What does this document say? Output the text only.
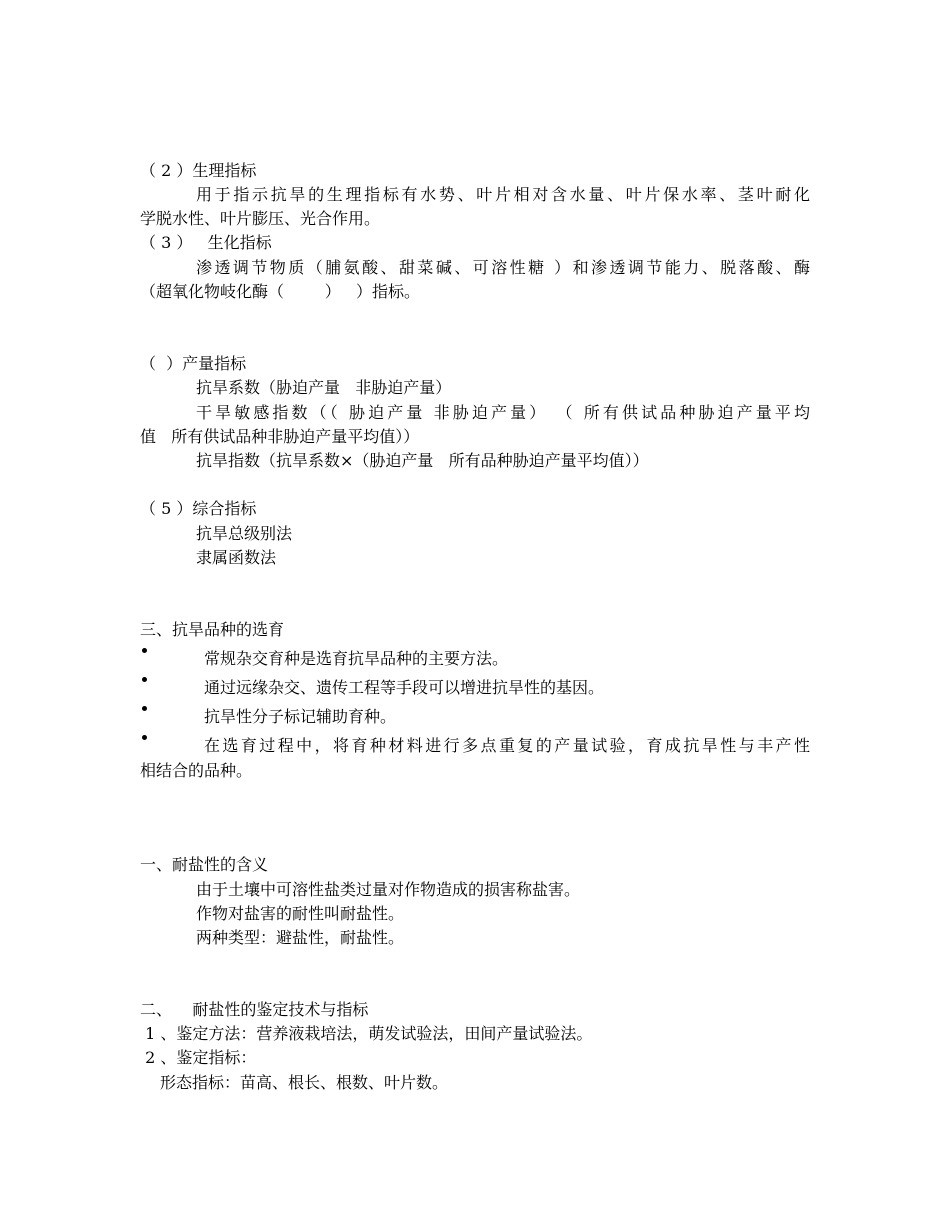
（ 2 ）生理指标
用于指示抗旱的生理指标有水势、叶片相对含水量、叶片保水率、茎叶耐化
学脱水性、叶片膨压、光合作用。
（ 3 ）   生化指标
渗透调节物质（脯氨酸、甜菜碱、可溶性糖 ）和渗透调节能力、脱落酸、酶
（超氧化物岐化酶（        ）   ）指标。
（  ）产量指标
抗旱系数（胁迫产量   非胁迫产量）
干旱敏感指数（（ 胁迫产量 非胁迫产量） （ 所有供试品种胁迫产量平均
值   所有供试品种非胁迫产量平均值））
抗旱指数（抗旱系数×（胁迫产量   所有品种胁迫产量平均值））
（ 5 ）综合指标
抗旱总级别法
隶属函数法
三、抗旱品种的选育
常规杂交育种是选育抗旱品种的主要方法。
通过远缘杂交、遗传工程等手段可以增进抗旱性的基因。
抗旱性分子标记辅助育种。
在选育过程中，将育种材料进行多点重复的产量试验，育成抗旱性与丰产性
相结合的品种。
一、耐盐性的含义
由于土壤中可溶性盐类过量对作物造成的损害称盐害。
作物对盐害的耐性叫耐盐性。
两种类型：避盐性，耐盐性。
二、    耐盐性的鉴定技术与指标
1 、鉴定方法：营养液栽培法，萌发试验法，田间产量试验法。
2 、鉴定指标：
形态指标：苗高、根长、根数、叶片数。
